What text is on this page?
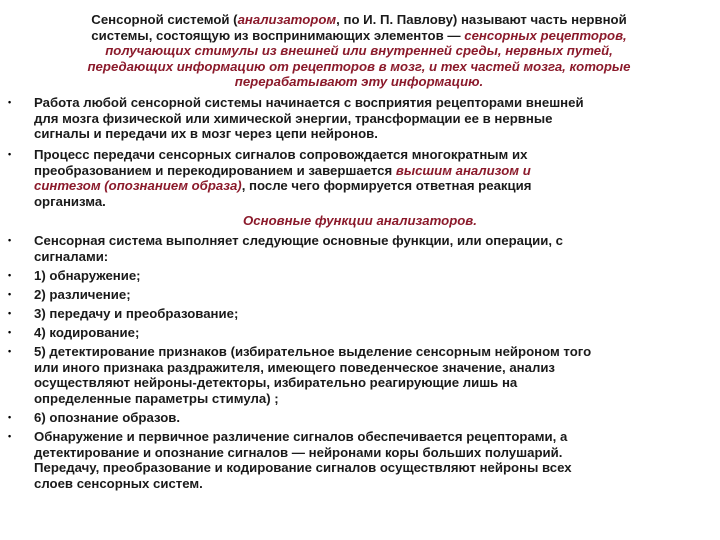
Сенсорной системой (анализатором, по И. П. Павлову) называют часть нервной
системы, состоящую из воспринимающих элементов — сенсорных рецепторов,
получающих стимулы из внешней или внутренней среды, нервных путей,
передающих информацию от рецепторов в мозг, и тех частей мозга, которые
перерабатывают эту информацию.
• Работа любой сенсорной системы начинается с восприятия рецепторами внешней
для мозга физической или химической энергии, трансформации ее в нервные
сигналы и передачи их в мозг через цепи нейронов.
• Процесс передачи сенсорных сигналов сопровождается многократным их
преобразованием и перекодированием и завершается высшим анализом и
синтезом (опознанием образа), после чего формируется ответная реакция
организма.
Основные функции анализаторов.
• Сенсорная система выполняет следующие основные функции, или операции, с
сигналами:
• 1) обнаружение;
• 2) различение;
• 3) передачу и преобразование;
• 4) кодирование;
• 5) детектирование признаков (избирательное выделение сенсорным нейроном того
или иного признака раздражителя, имеющего поведенческое значение, анализ
осуществляют нейроны-детекторы, избирательно реагирующие лишь на
определенные параметры стимула) ;
• 6) опознание образов.
• Обнаружение и первичное различение сигналов обеспечивается рецепторами, а
детектирование и опознание сигналов — нейронами коры больших полушарий.
Передачу, преобразование и кодирование сигналов осуществляют нейроны всех
слоев сенсорных систем.
